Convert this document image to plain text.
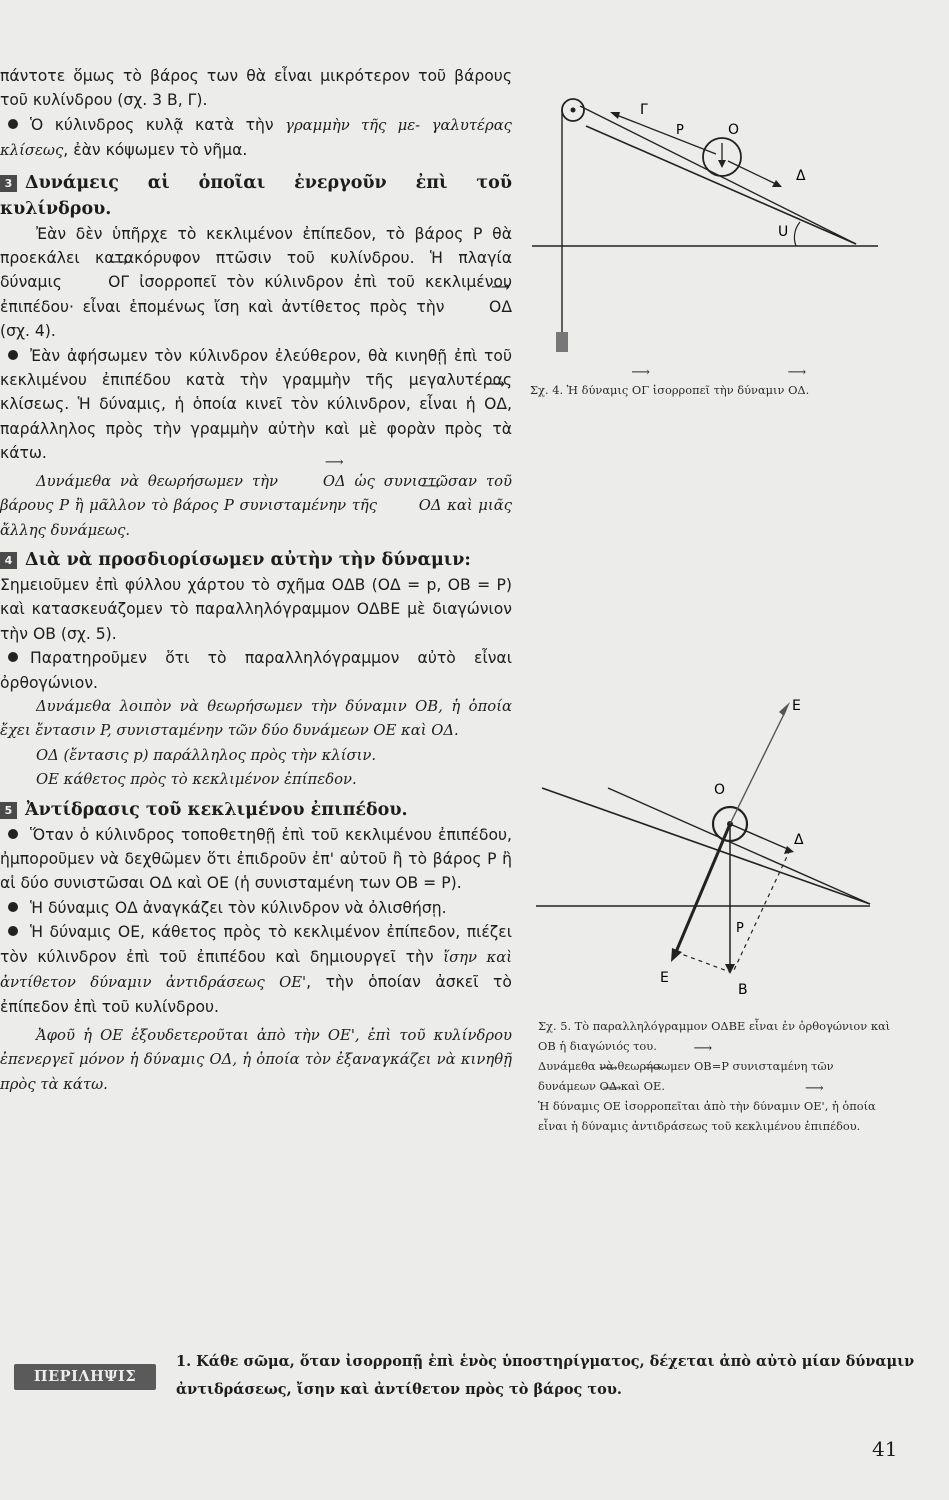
πάντοτε ὅμως τὸ βάρος των θὰ εἶναι μικρότερον τοῦ βάρους τοῦ κυλίνδρου (σχ. 3 Β, Γ).

Ὁ κύλινδρος κυλᾷ κατὰ τὴν γραμμὴν τῆς με- γαλυτέρας κλίσεως, ἐὰν κόψωμεν τὸ νῆμα.

3 Δυνάμεις αἱ ὁποῖαι ἐνεργοῦν ἐπὶ τοῦ κυλίνδρου.

Ἐὰν δὲν ὑπῆρχε τὸ κεκλιμένον ἐπίπεδον, τὸ βάρος P θὰ προεκάλει κατακόρυφον πτῶσιν τοῦ κυλίνδρου. Ἡ πλαγία δύναμις ⟶ ΟΓ ἰσορροπεῖ τὸν κύλινδρον ἐπὶ τοῦ κεκλιμένου ἐπιπέδου· εἶναι ἑπομένως ἴση καὶ ἀντίθετος πρὸς τὴν ⟶ ΟΔ (σχ. 4).

Ἐὰν ἀφήσωμεν τὸν κύλινδρον ἐλεύθερον, θὰ κινηθῇ ἐπὶ τοῦ κεκλιμένου ἐπιπέδου κατὰ τὴν γραμμὴν τῆς μεγαλυτέρας κλίσεως. Ἡ δύναμις, ἡ ὁποία κινεῖ τὸν κύλινδρον, εἶναι ἡ ⟶ ΟΔ, παράλληλος πρὸς τὴν γραμμὴν αὐτὴν καὶ μὲ φορὰν πρὸς τὰ κάτω.

Δυνάμεθα νὰ θεωρήσωμεν τὴν ⟶ ΟΔ ὡς συνιστῶσαν τοῦ βάρους P ἢ μᾶλλον τὸ βάρος P συνισταμένην τῆς ⟶ ΟΔ καὶ μιᾶς ἄλλης δυνάμεως.

4 Διὰ νὰ προσδιορίσωμεν αὐτὴν τὴν δύναμιν:

Σημειοῦμεν ἐπὶ φύλλου χάρτου τὸ σχῆμα ΟΔΒ (ΟΔ = p, ΟΒ = P) καὶ κατασκευάζομεν τὸ παραλληλόγραμμον ΟΔΒΕ μὲ διαγώνιον τὴν ΟΒ (σχ. 5).

Παρατηροῦμεν ὅτι τὸ παραλληλόγραμμον αὐτὸ εἶναι ὀρθογώνιον.

Δυνάμεθα λοιπὸν νὰ θεωρήσωμεν τὴν δύναμιν ΟΒ, ἡ ὁποία ἔχει ἔντασιν P, συνισταμένην τῶν δύο δυνάμεων ΟΕ καὶ ΟΔ.

ΟΔ (ἔντασις p) παράλληλος πρὸς τὴν κλίσιν.

ΟΕ κάθετος πρὸς τὸ κεκλιμένον ἐπίπεδον.

5 Ἀντίδρασις τοῦ κεκλιμένου ἐπιπέδου.

Ὅταν ὁ κύλινδρος τοποθετηθῇ ἐπὶ τοῦ κεκλιμένου ἐπιπέδου, ἠμποροῦμεν νὰ δεχθῶμεν ὅτι ἐπιδροῦν ἐπ' αὐτοῦ ἢ τὸ βάρος P ἢ αἱ δύο συνιστῶσαι ΟΔ καὶ ΟΕ (ἡ συνισταμένη των ΟΒ = P).

Ἡ δύναμις ΟΔ ἀναγκάζει τὸν κύλινδρον νὰ ὀλισθήσῃ.

Ἡ δύναμις ΟΕ, κάθετος πρὸς τὸ κεκλιμένον ἐπίπεδον, πιέζει τὸν κύλινδρον ἐπὶ τοῦ ἐπιπέδου καὶ δημιουργεῖ τὴν ἴσην καὶ ἀντίθετον δύναμιν ἀντιδράσεως ΟΕ', τὴν ὁποίαν ἀσκεῖ τὸ ἐπίπεδον ἐπὶ τοῦ κυλίνδρου.

Ἀφοῦ ἡ ΟΕ ἐξουδετεροῦται ἀπὸ τὴν ΟΕ', ἐπὶ τοῦ κυλίνδρου ἐπενεργεῖ μόνον ἡ δύναμις ΟΔ, ἡ ὁποία τὸν ἐξαναγκάζει νὰ κινηθῇ πρὸς τὰ κάτω.

Γ
P	O
Δ
U

Σχ. 4. Ἡ δύναμις ⟶ ΟΓ ἰσορροπεῖ τὴν δύναμιν ⟶ ΟΔ.

E
O
Δ
P
E
B

Σχ. 5. Τὸ παραλληλόγραμμον ΟΔΒΕ εἶναι ἐν ὀρθογώνιον καὶ ΟΒ ἡ διαγώνιός του.

Δυνάμεθα νὰ θεωρήσωμεν ⟶ ΟΒ=P συνισταμένη τῶν δυνάμεων ⟶ ΟΔ καὶ ⟶ ΟΕ.

Ἡ δύναμις ⟶ ΟΕ ἰσορροπεῖται ἀπὸ τὴν δύναμιν ⟶ ΟΕ', ἡ ὁποία εἶναι ἡ δύναμις ἀντιδράσεως τοῦ κεκλιμένου ἐπιπέδου.

ΠΕΡΙΛΗΨΙΣ
1. Κάθε σῶμα, ὅταν ἰσορροπῇ ἐπὶ ἑνὸς ὑποστηρίγματος, δέχεται ἀπὸ αὐτὸ μίαν δύναμιν ἀντιδράσεως, ἴσην καὶ ἀντίθετον πρὸς τὸ βάρος του.
41
